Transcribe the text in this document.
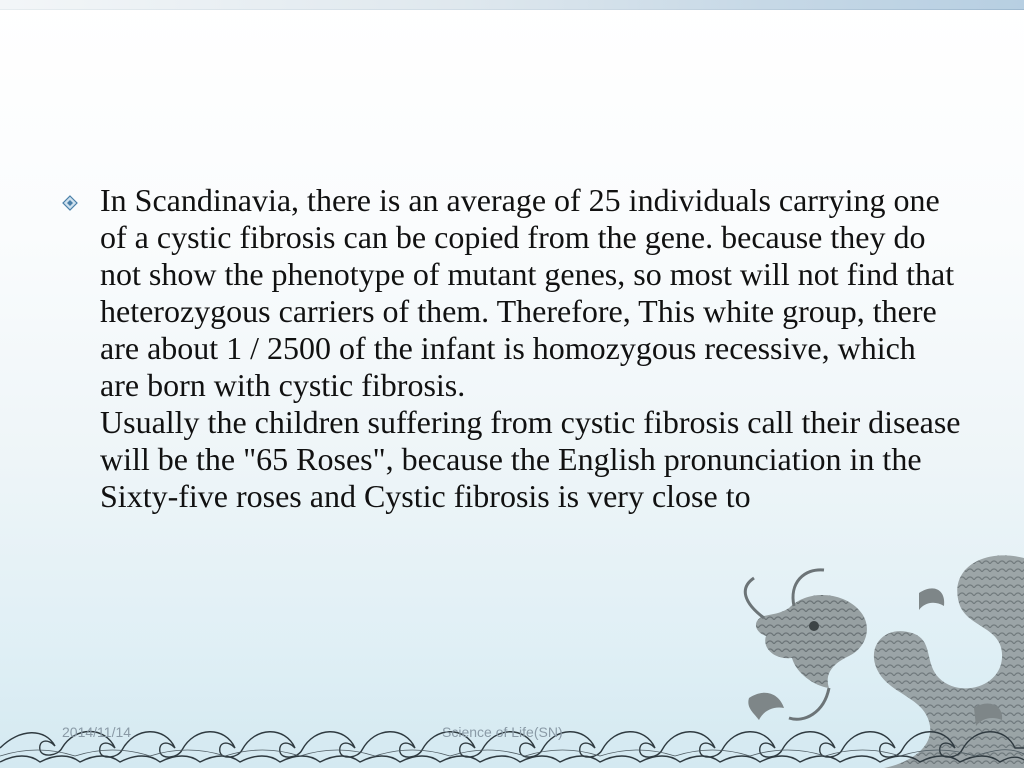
In Scandinavia, there is an average of 25 individuals carrying one of a cystic fibrosis can be copied from the gene. because they do not show the phenotype of mutant genes, so most will not find that heterozygous carriers of them. Therefore, This white group, there are about 1 / 2500 of the infant is homozygous recessive, which are born with cystic fibrosis.

Usually the children suffering from cystic fibrosis call their disease will be the "65 Roses", because the English pronunciation in the Sixty-five roses and Cystic fibrosis is very close to

2014/11/14	Science of Life(SN)
